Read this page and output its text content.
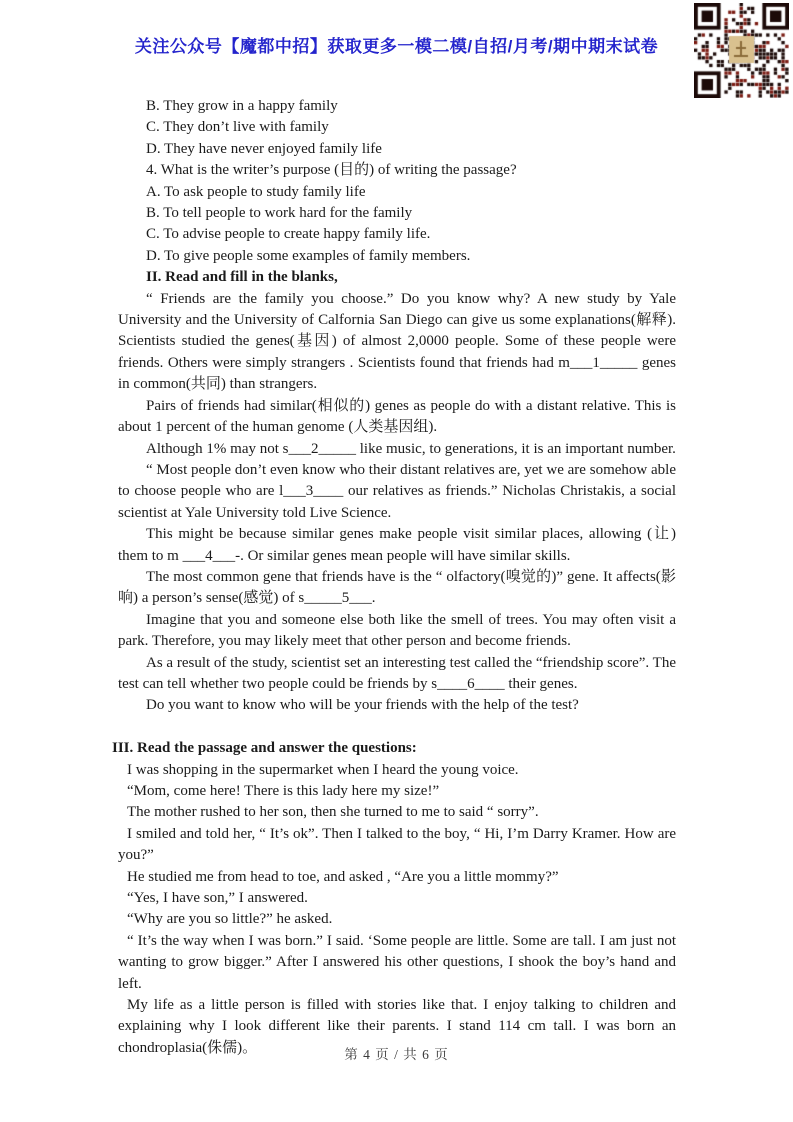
关注公众号【魔都中招】获取更多一模二模/自招/月考/期中期末试卷
B. They grow in a happy family
C. They don’t live with family
D. They have never enjoyed family life
4. What is the writer’s purpose (目的) of writing the passage?
A. To ask people to study family life
B. To tell people to work hard for the family
C. To advise people to create happy family life.
D. To give people some examples of family members.
II. Read and fill in the blanks,

“ Friends are the family you choose.” Do you know why? A new study by Yale University and the University of Calfornia San Diego can give us some explanations(解释). Scientists studied the genes(基因) of almost 2,0000 people. Some of these people were friends. Others were simply strangers . Scientists found that friends had m___1_____ genes in common(共同) than strangers.

Pairs of friends had similar(相似的) genes as people do with a distant relative. This is about 1 percent of the human genome (人类基因组).

Although 1% may not s___2_____ like music, to generations, it is an important number.

“ Most people don’t even know who their distant relatives are, yet we are somehow able to choose people who are l___3____ our relatives as friends.” Nicholas Christakis, a social scientist at Yale University told Live Science.

This might be because similar genes make people visit similar places, allowing (让) them to m ___4___-. Or similar genes mean people will have similar skills.

The most common gene that friends have is the “ olfactory(嗅觉的)” gene. It affects(影响) a person’s sense(感觉) of s_____5___.

Imagine that you and someone else both like the smell of trees. You may often visit a park. Therefore, you may likely meet that other person and become friends.

As a result of the study, scientist set an interesting test called the “friendship score”. The test can tell whether two people could be friends by s____6____ their genes.

Do you want to know who will be your friends with the help of the test?

III. Read the passage and answer the questions:

I was shopping in the supermarket when I heard the young voice.

“Mom, come here! There is this lady here my size!”

The mother rushed to her son, then she turned to me to said “ sorry”.

I smiled and told her, “ It’s ok”. Then I talked to the boy, “ Hi, I’m Darry Kramer. How are you?”

He studied me from head to toe, and asked , “Are you a little mommy?”

“Yes, I have son,” I answered.

“Why are you so little?” he asked.

“ It’s the way when I was born.” I said. ‘Some people are little. Some are tall. I am just not wanting to grow bigger.” After I answered his other questions, I shook the boy’s hand and left.

My life as a little person is filled with stories like that. I enjoy talking to children and explaining why I look different like their parents. I stand 114 cm tall. I was born an chondroplasia(侏儒)。	第 4 页 / 共 6 页
